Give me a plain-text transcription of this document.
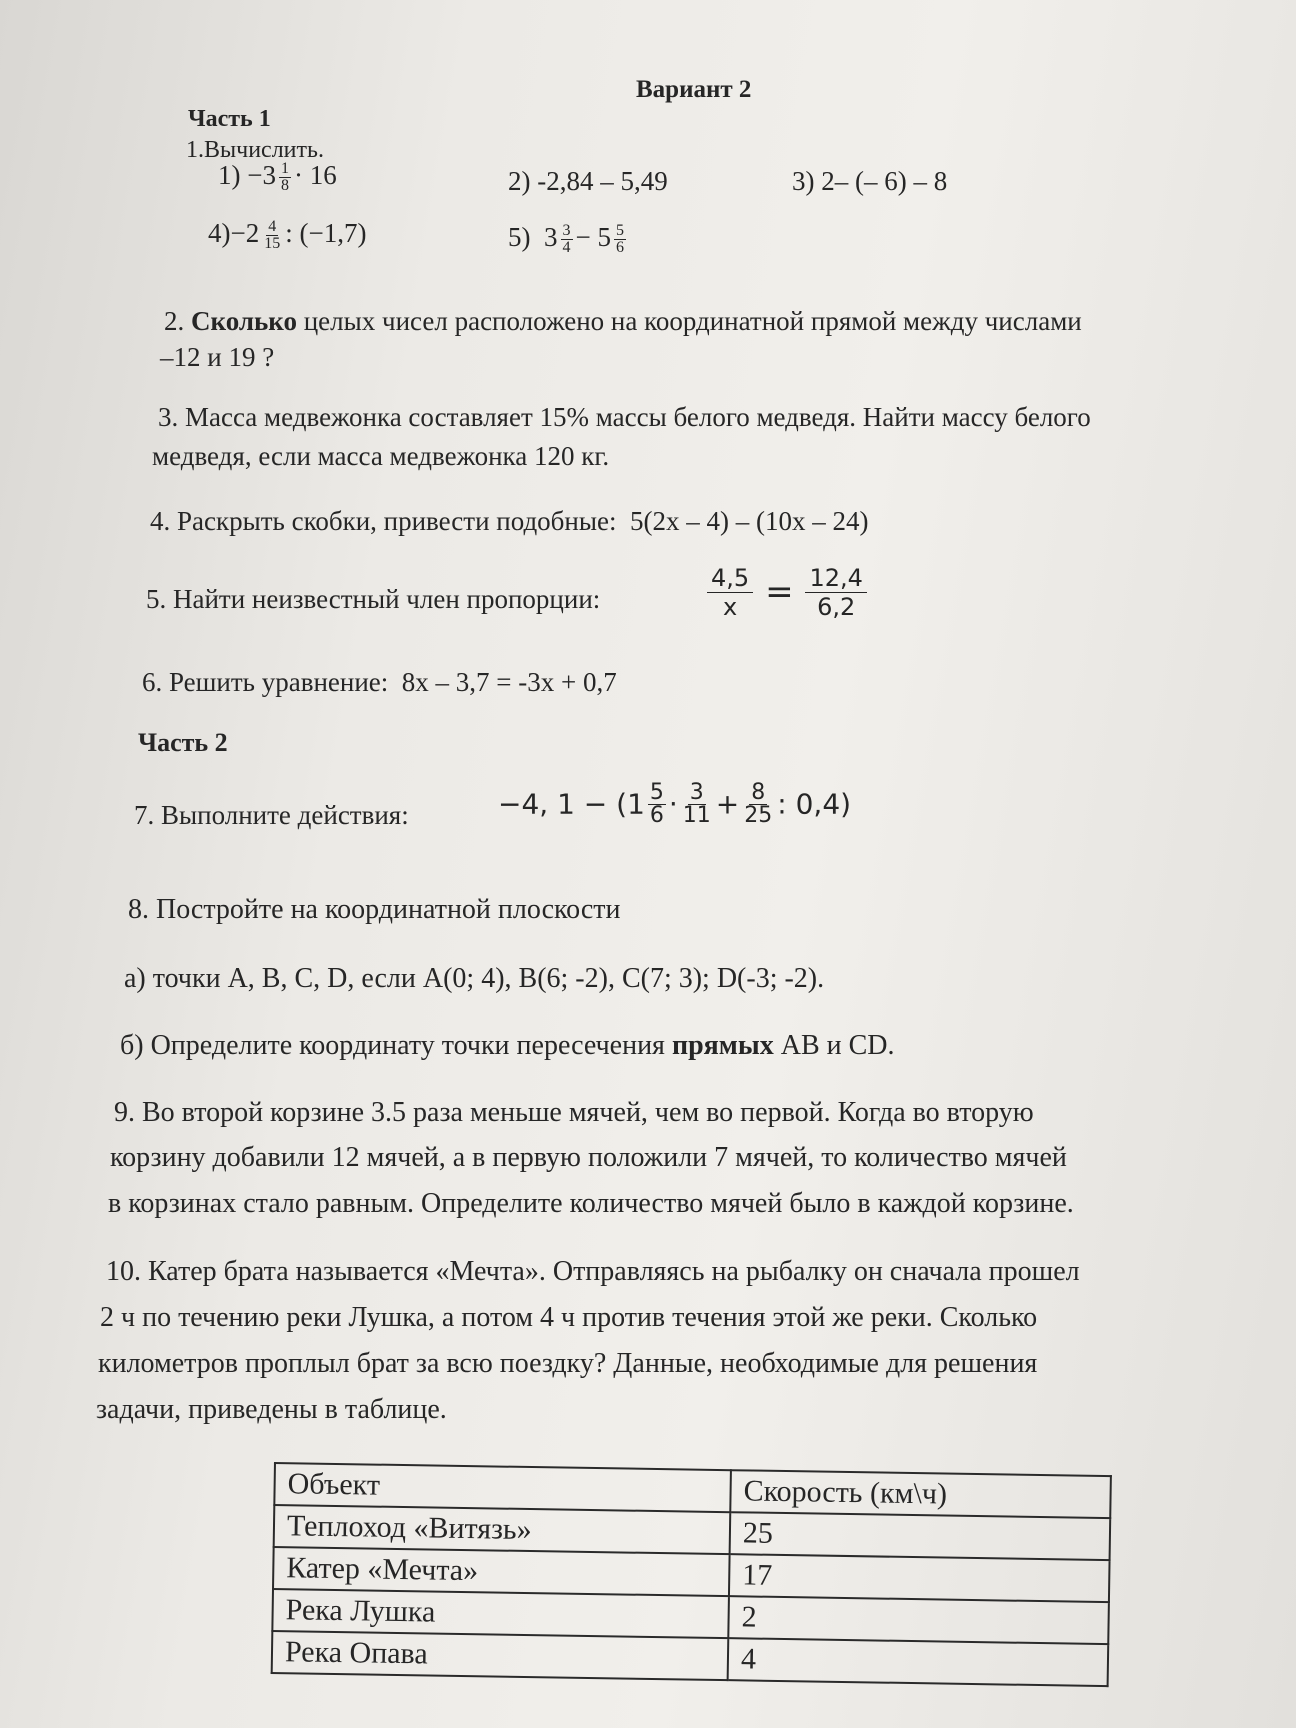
Вариант 2
Часть 1
1.Вычислить.
$1) -3 \frac{1}{8} \cdot 16$	2) -2,84 – 5,49	3) 2– (– 6) – 8
$4)-2 \frac{4}{15}$ : (−1,7)	5) $3 \frac{3}{4} - 5 \frac{5}{6}$
2. Сколько целых чисел расположено на координатной прямой между числами
–12 и 19 ?
3. Масса медвежонка составляет 15% массы белого медведя. Найти массу белого
медведя, если масса медвежонка 120 кг.
4. Раскрыть скобки, привести подобные: 5(2x – 4) – (10x – 24)
5. Найти неизвестный член пропорции:	$\frac{4,5}{x} = \frac{12,4}{6,2}$
6. Решить уравнение: 8x – 3,7 = -3x + 0,7
Часть 2
7. Выполните действия:	−4, $1 - (1 \frac{5}{6} \cdot \frac{3}{11} + \frac{8}{25}$ : 0,4)
8. Постройте на координатной плоскости
а) точки A, B, C, D, если A(0; 4), B(6; -2), C(7; 3); D(-3; -2).
б) Определите координату точки пересечения прямых AB и CD.
9. Во второй корзине 3.5 раза меньше мячей, чем во первой. Когда во вторую
корзину добавили 12 мячей, а в первую положили 7 мячей, то количество мячей
в корзинах стало равным. Определите количество мячей было в каждой корзине.
10. Катер брата называется «Мечта». Отправляясь на рыбалку он сначала прошел
2 ч по течению реки Лушка, а потом 4 ч против течения этой же реки. Сколько
километров проплыл брат за всю поездку? Данные, необходимые для решения
задачи, приведены в таблице.
Объект	Скорость (км\ч)
Теплоход «Витязь»	25
Катер «Мечта»	17
Река Лушка	2
Река Опава	4
